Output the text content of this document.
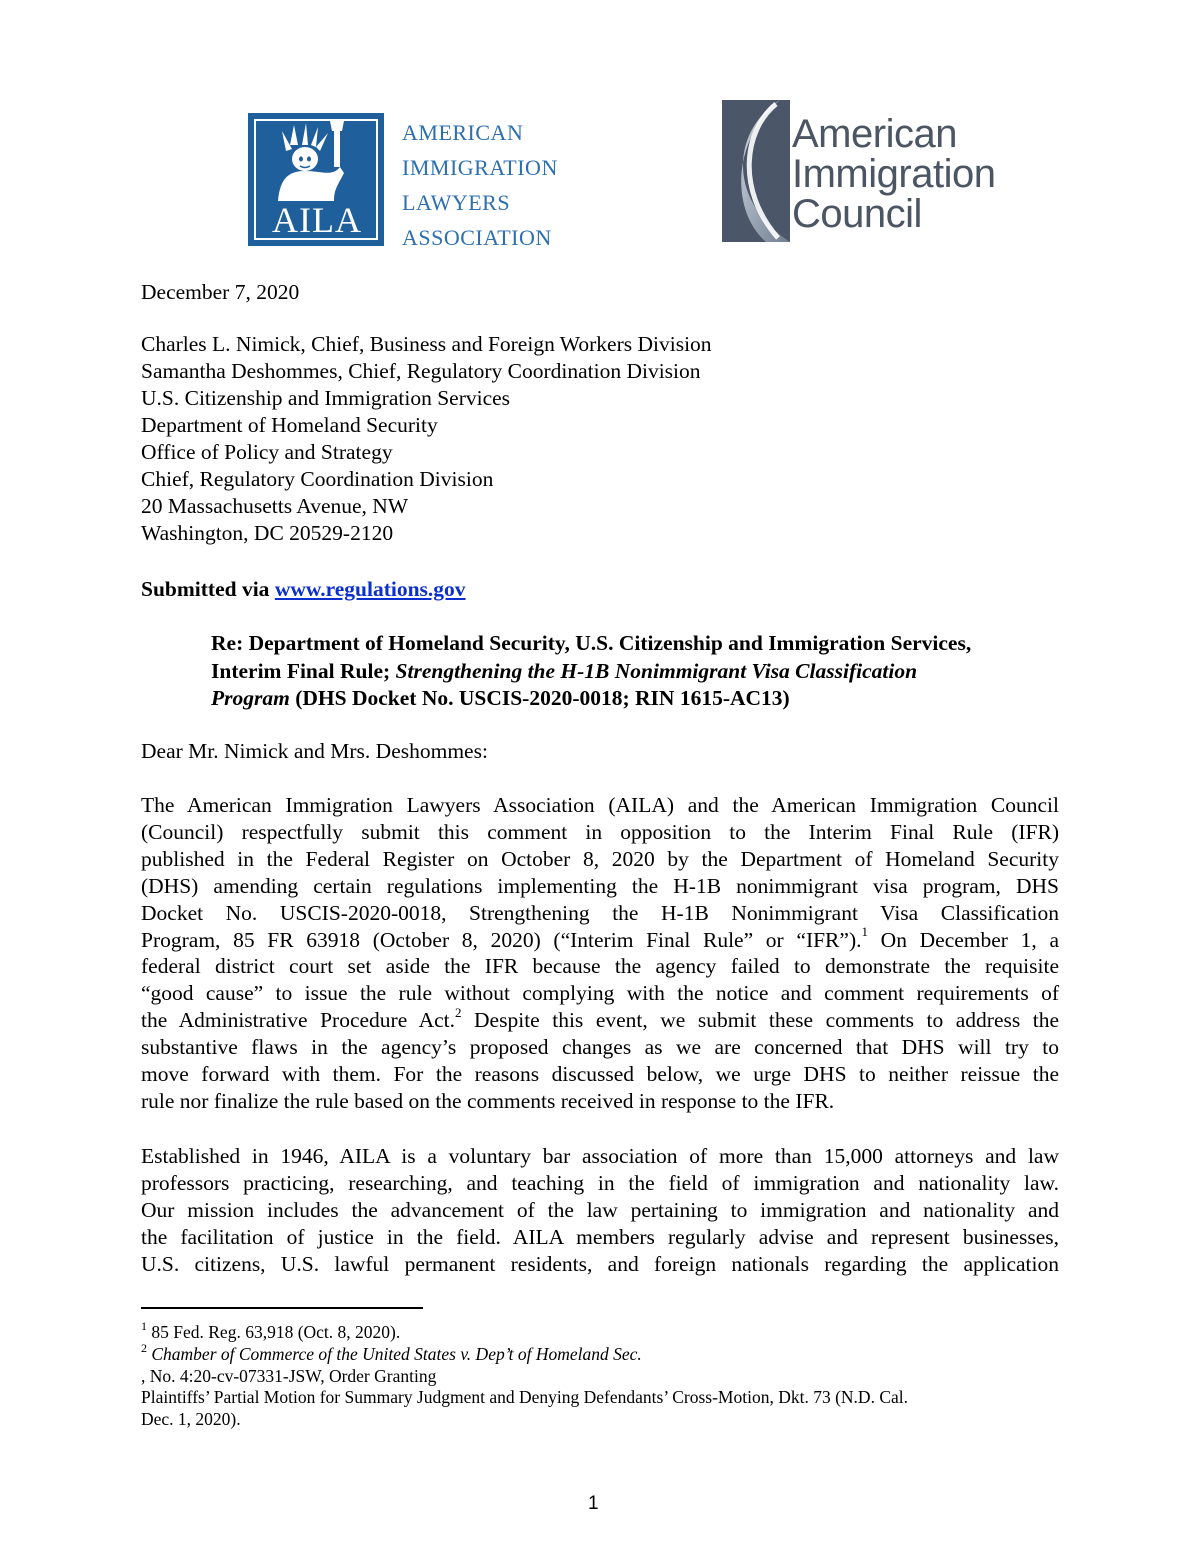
AILA
AMERICAN
IMMIGRATION
LAWYERS
ASSOCIATION
American
Immigration
Council
December 7, 2020
Charles L. Nimick, Chief, Business and Foreign Workers Division
Samantha Deshommes, Chief, Regulatory Coordination Division
U.S. Citizenship and Immigration Services
Department of Homeland Security
Office of Policy and Strategy
Chief, Regulatory Coordination Division
20 Massachusetts Avenue, NW
Washington, DC 20529-2120
Submitted via www.regulations.gov
Re: Department of Homeland Security, U.S. Citizenship and Immigration Services,
Interim Final Rule; Strengthening the H-1B Nonimmigrant Visa Classification
Program (DHS Docket No. USCIS-2020-0018; RIN 1615-AC13)
Dear Mr. Nimick and Mrs. Deshommes:
The American Immigration Lawyers Association (AILA) and the American Immigration Council
(Council) respectfully submit this comment in opposition to the Interim Final Rule (IFR)
published in the Federal Register on October 8, 2020 by the Department of Homeland Security
(DHS) amending certain regulations implementing the H-1B nonimmigrant visa program, DHS
Docket No. USCIS-2020-0018, Strengthening the H-1B Nonimmigrant Visa Classification
Program, 85 FR 63918 (October 8, 2020) (“Interim Final Rule” or “IFR”).$^1$ On December 1, a
federal district court set aside the IFR because the agency failed to demonstrate the requisite
“good cause” to issue the rule without complying with the notice and comment requirements of
the Administrative Procedure Act.$^2$ Despite this event, we submit these comments to address the
substantive flaws in the agency’s proposed changes as we are concerned that DHS will try to
move forward with them. For the reasons discussed below, we urge DHS to neither reissue the
rule nor finalize the rule based on the comments received in response to the IFR.
Established in 1946, AILA is a voluntary bar association of more than 15,000 attorneys and law
professors practicing, researching, and teaching in the field of immigration and nationality law.
Our mission includes the advancement of the law pertaining to immigration and nationality and
the facilitation of justice in the field. AILA members regularly advise and represent businesses,
U.S. citizens, U.S. lawful permanent residents, and foreign nationals regarding the application
$^1$ 85 Fed. Reg. 63,918 (Oct. 8, 2020).
$^2$ Chamber of Commerce of the United States v. Dep’t of Homeland Sec.
, No. 4:20-cv-07331-JSW, Order Granting
Plaintiffs’ Partial Motion for Summary Judgment and Denying Defendants’ Cross-Motion, Dkt. 73 (N.D. Cal.
Dec. 1, 2020).
1
